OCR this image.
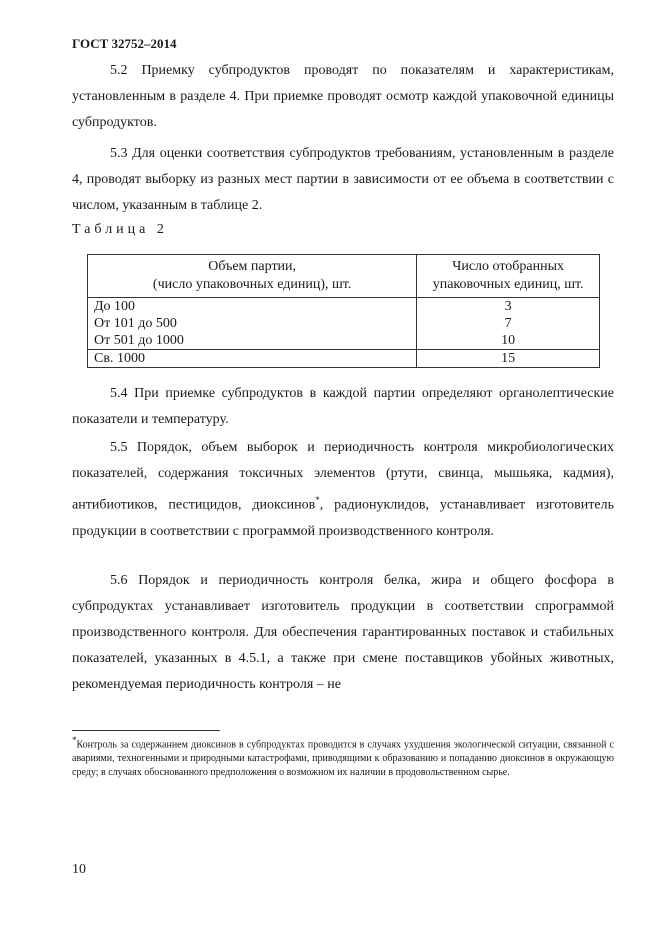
ГОСТ 32752–2014

5.2 Приемку субпродуктов проводят по показателям и характеристикам, установленным в разделе 4. При приемке проводят осмотр каждой упаковочной единицы субпродуктов.

5.3 Для оценки соответствия субпродуктов требованиям, установленным в разделе 4, проводят выборку из разных мест партии в зависимости от ее объема в соответствии с числом, указанным в таблице 2.

Таблица 2
Объем партии,
(число упаковочных единиц), шт.	Число отобранных упаковочных единиц, шт.
До 100	3
От 101 до 500	7
От 501 до 1000	10
Св. 1000	15

5.4 При приемке субпродуктов в каждой партии определяют органолептические показатели и температуру.

5.5 Порядок, объем выборок и периодичность контроля микробиологических показателей, содержания токсичных элементов (ртути, свинца, мышьяка, кадмия), антибиотиков, пестицидов, диоксинов*, радионуклидов, устанавливает изготовитель продукции в соответствии с программой производственного контроля.

5.6 Порядок и периодичность контроля белка, жира и общего фосфора в субпродуктах устанавливает изготовитель продукции в соответствии спрограммой производственного контроля. Для обеспечения гарантированных поставок и стабильных показателей, указанных в 4.5.1, а также при смене поставщиков убойных животных, рекомендуемая периодичность контроля – не

*Контроль за содержанием диоксинов в субпродуктах проводится в случаях ухудшения экологической ситуации, связанной с авариями, техногенными и природными катастрофами, приводящими к образованию и попаданию диоксинов в окружающую среду; в случаях обоснованного предположения о возможном их наличии в продовольственном сырье.

10
